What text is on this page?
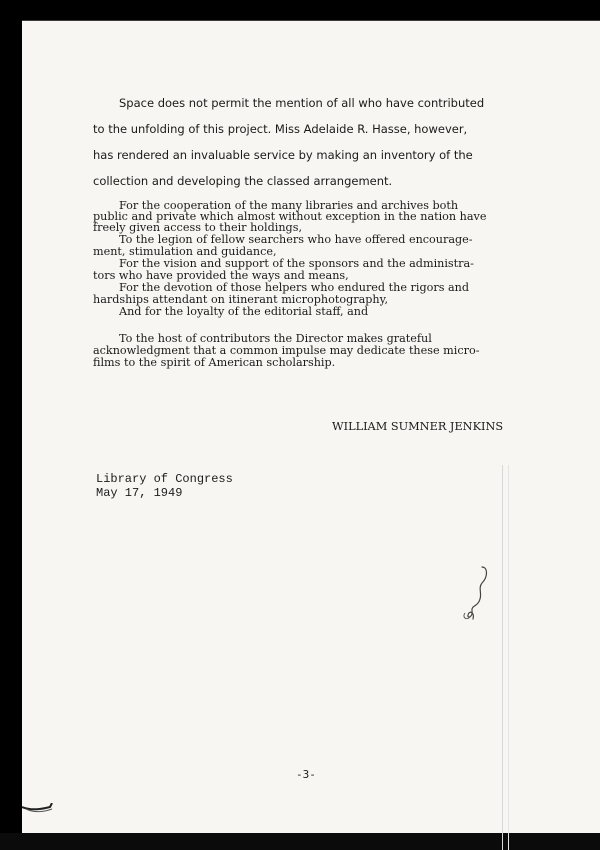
Space does not permit the mention of all who have contributed
to the unfolding of this project. Miss Adelaide R. Hasse, however,
has rendered an invaluable service by making an inventory of the
collection and developing the classed arrangement.
For the cooperation of the many libraries and archives both
public and private which almost without exception in the nation have
freely given access to their holdings,
To the legion of fellow searchers who have offered encourage-
ment, stimulation and guidance,
For the vision and support of the sponsors and the administra-
tors who have provided the ways and means,
For the devotion of those helpers who endured the rigors and
hardships attendant on itinerant microphotography,
And for the loyalty of the editorial staff, and
To the host of contributors the Director makes grateful
acknowledgment that a common impulse may dedicate these micro-
films to the spirit of American scholarship.
WILLIAM SUMNER JENKINS
Library of Congress
May 17, 1949
-3-
